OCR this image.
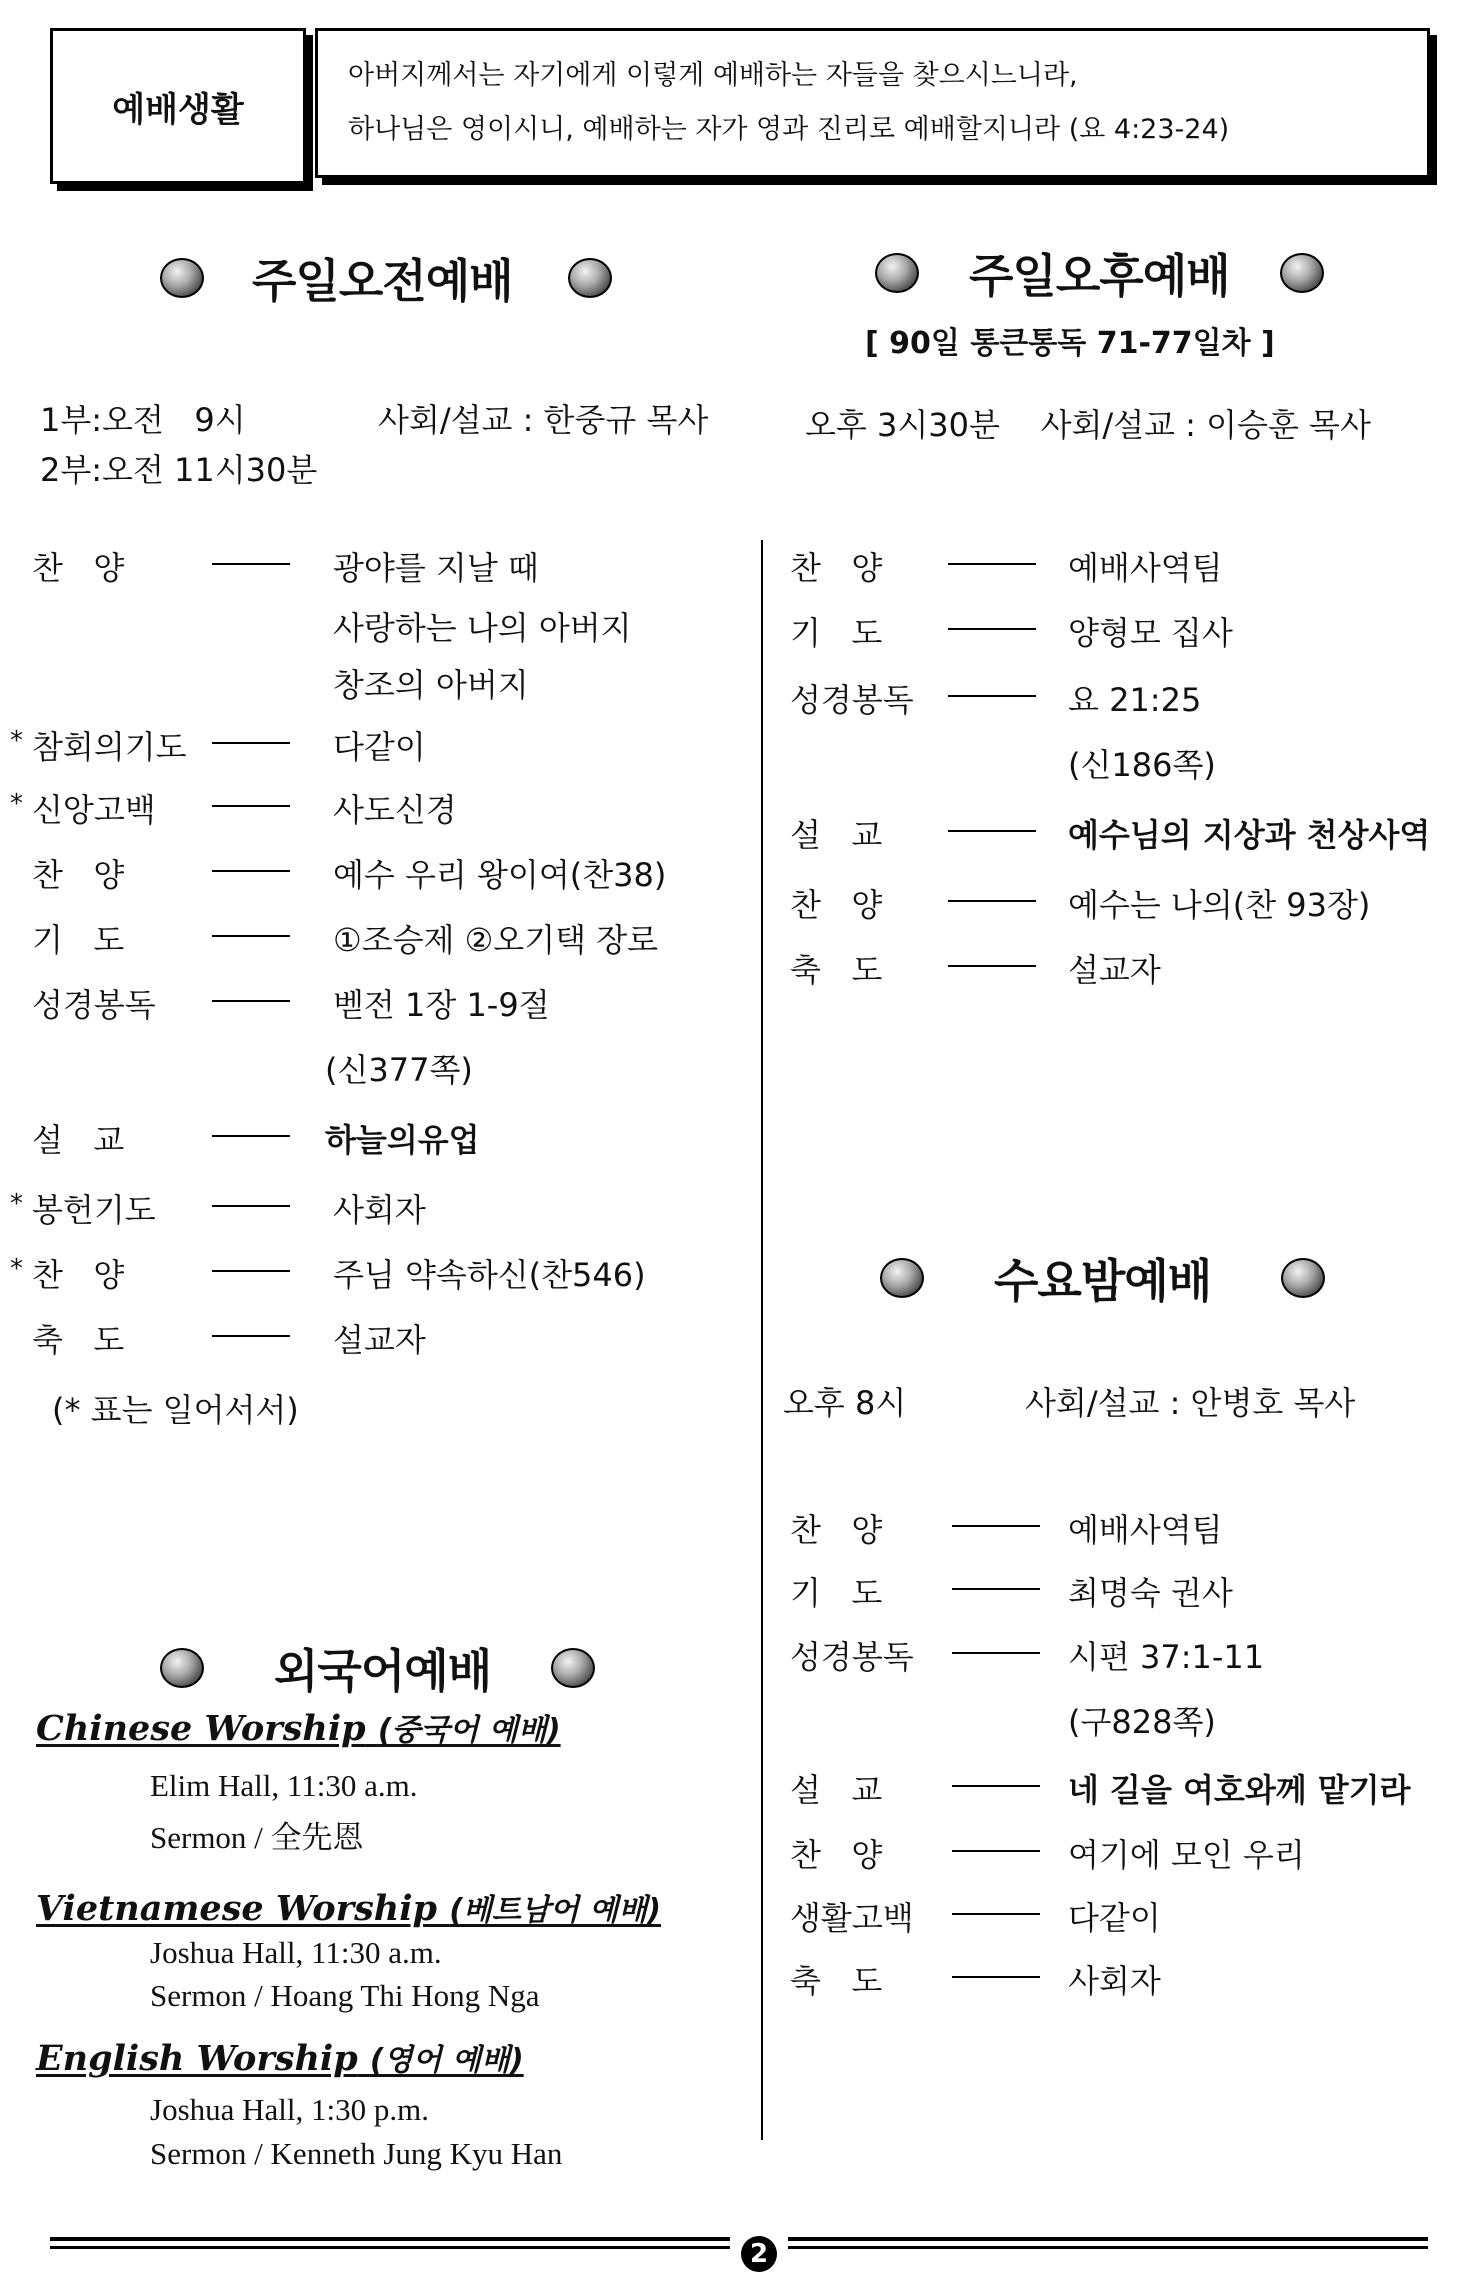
예배생활
아버지께서는 자기에게 이렇게 예배하는 자들을 찾으시느니라,
하나님은 영이시니, 예배하는 자가 영과 진리로 예배할지니라 (요 4:23-24)
주일오전예배	주일오후예배
[ 90일 통큰통독 71-77일차 ]
1부:오전   9시
2부:오전 11시30분
사회/설교 : 한중규 목사	오후 3시30분    사회/설교 : 이승훈 목사
찬   양	광야를 지날 때
사랑하는 나의 아버지
창조의 아버지
* 참회의기도	다같이
* 신앙고백	사도신경
찬   양	예수 우리 왕이여(찬38)
기   도	①조승제 ②오기택 장로
성경봉독	벧전 1장 1-9절
(신377쪽)
설   교	하늘의유업
* 봉헌기도	사회자
* 찬   양	주님 약속하신(찬546)
축   도	설교자
(* 표는 일어서서)
찬   양	예배사역팀
기   도	양형모 집사
성경봉독	요 21:25
(신186쪽)
설   교	예수님의 지상과 천상사역
찬   양	예수는 나의(찬 93장)
축   도	설교자
수요밤예배
오후 8시	사회/설교 : 안병호 목사
찬   양	예배사역팀
기   도	최명숙 권사
성경봉독	시편 37:1-11
(구828쪽)
설   교	네 길을 여호와께 맡기라
찬   양	여기에 모인 우리
생활고백	다같이
축   도	사회자
외국어예배
Chinese Worship (중국어 예배)
Elim Hall, 11:30 a.m.
Sermon / 全先恩
Vietnamese Worship (베트남어 예배)
Joshua Hall, 11:30 a.m.
Sermon / Hoang Thi Hong Nga
English Worship (영어 예배)
Joshua Hall, 1:30 p.m.
Sermon / Kenneth Jung Kyu Han
2
